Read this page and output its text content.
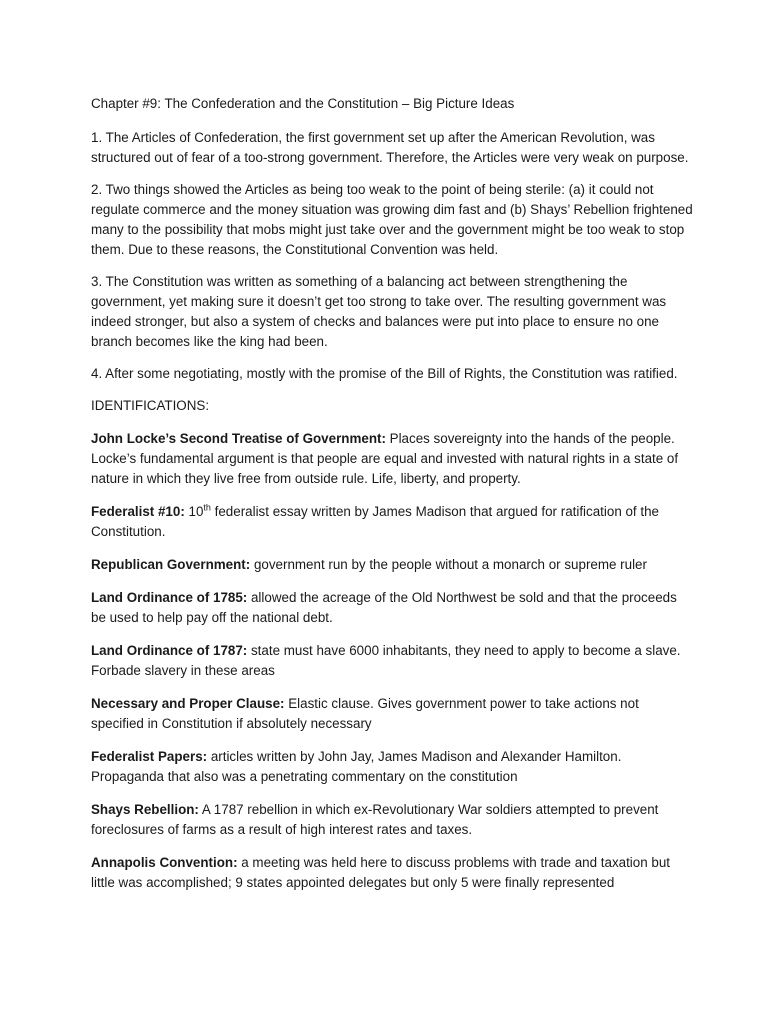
Chapter #9: The Confederation and the Constitution – Big Picture Ideas

1. The Articles of Confederation, the first government set up after the American Revolution, was structured out of fear of a too-strong government. Therefore, the Articles were very weak on purpose.

2. Two things showed the Articles as being too weak to the point of being sterile: (a) it could not regulate commerce and the money situation was growing dim fast and (b) Shays’ Rebellion frightened many to the possibility that mobs might just take over and the government might be too weak to stop them. Due to these reasons, the Constitutional Convention was held.

3. The Constitution was written as something of a balancing act between strengthening the government, yet making sure it doesn’t get too strong to take over. The resulting government was indeed stronger, but also a system of checks and balances were put into place to ensure no one branch becomes like the king had been.

4. After some negotiating, mostly with the promise of the Bill of Rights, the Constitution was ratified.

IDENTIFICATIONS:

John Locke’s Second Treatise of Government: Places sovereignty into the hands of the people. Locke’s fundamental argument is that people are equal and invested with natural rights in a state of nature in which they live free from outside rule. Life, liberty, and property.

Federalist #10: 10th federalist essay written by James Madison that argued for ratification of the Constitution.

Republican Government: government run by the people without a monarch or supreme ruler

Land Ordinance of 1785: allowed the acreage of the Old Northwest be sold and that the proceeds be used to help pay off the national debt.

Land Ordinance of 1787: state must have 6000 inhabitants, they need to apply to become a slave. Forbade slavery in these areas

Necessary and Proper Clause: Elastic clause. Gives government power to take actions not specified in Constitution if absolutely necessary

Federalist Papers: articles written by John Jay, James Madison and Alexander Hamilton. Propaganda that also was a penetrating commentary on the constitution

Shays Rebellion: A 1787 rebellion in which ex-Revolutionary War soldiers attempted to prevent foreclosures of farms as a result of high interest rates and taxes.

Annapolis Convention: a meeting was held here to discuss problems with trade and taxation but little was accomplished; 9 states appointed delegates but only 5 were finally represented
